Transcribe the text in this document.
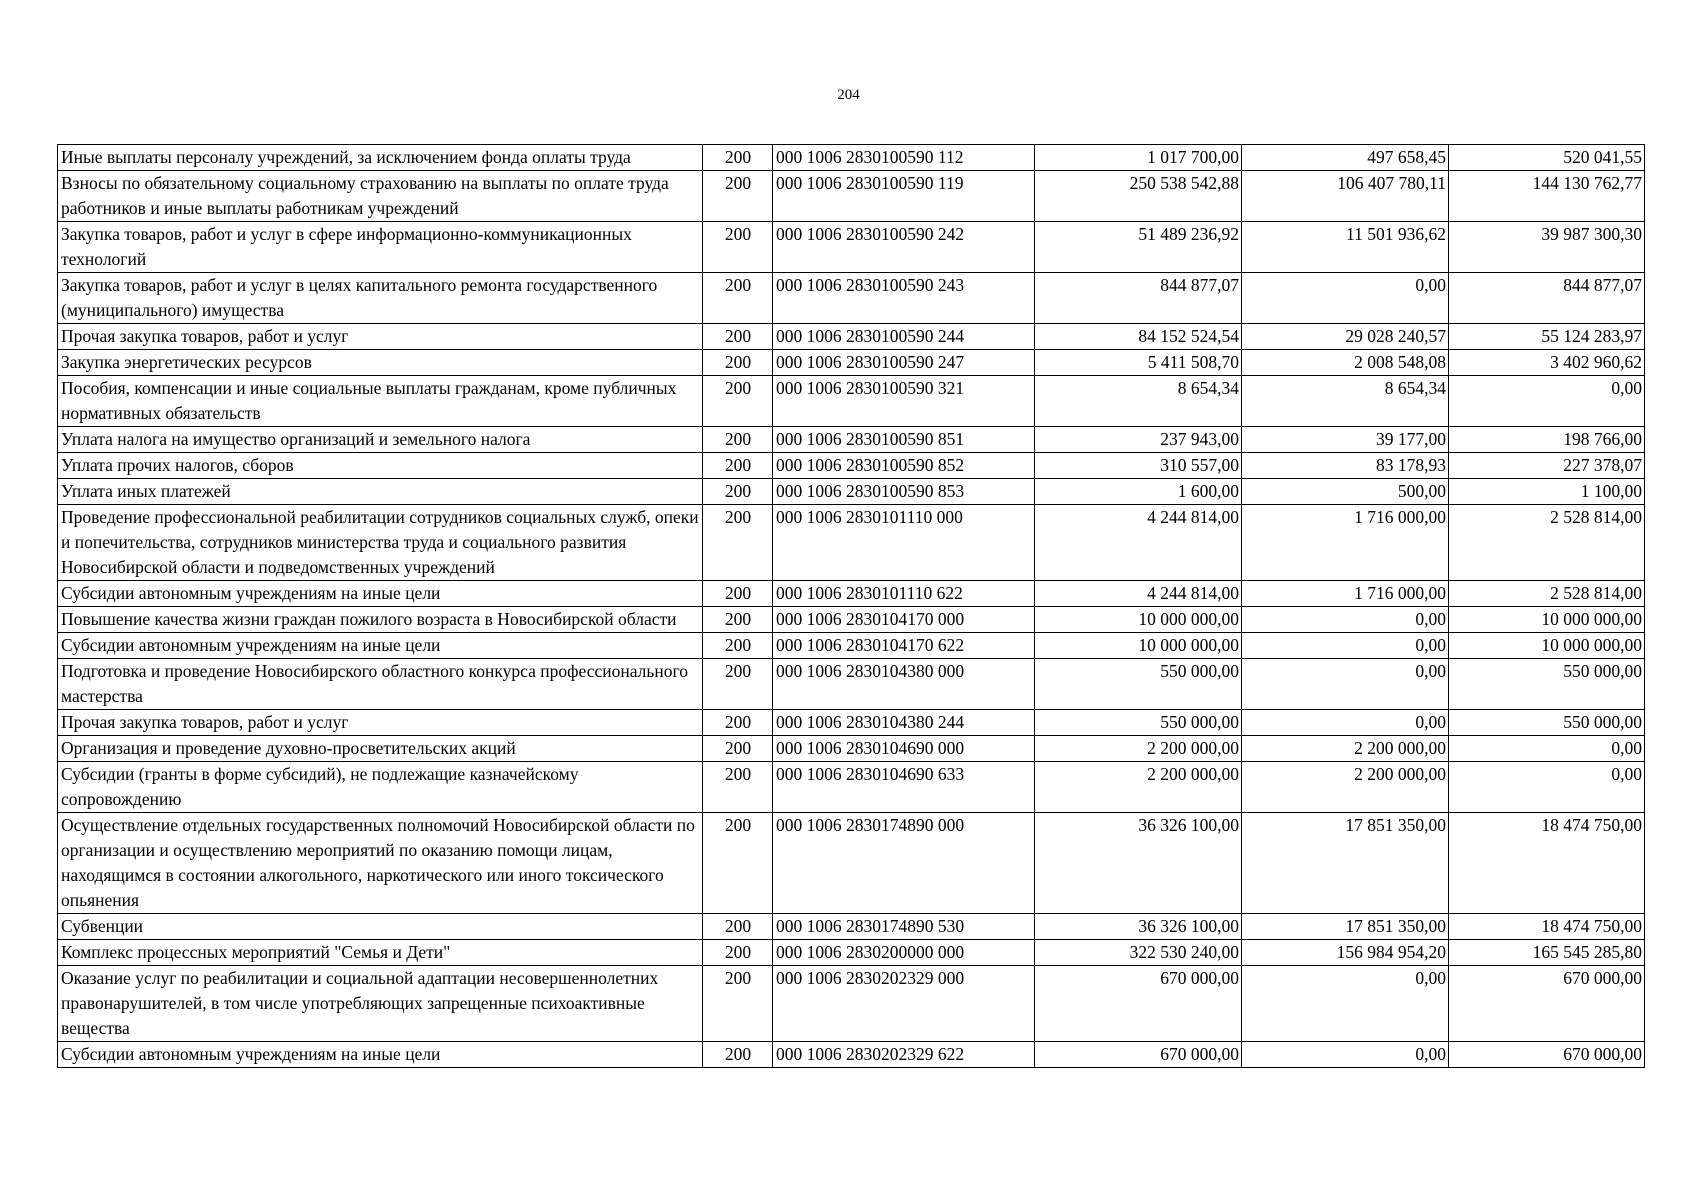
204
Иные выплаты персоналу учреждений, за исключением фонда оплаты труда	200	000 1006 2830100590 112	1 017 700,00	497 658,45	520 041,55
Взносы по обязательному социальному страхованию на выплаты по оплате труда работников и иные выплаты работникам учреждений	200	000 1006 2830100590 119	250 538 542,88	106 407 780,11	144 130 762,77
Закупка товаров, работ и услуг в сфере информационно-коммуникационных технологий	200	000 1006 2830100590 242	51 489 236,92	11 501 936,62	39 987 300,30
Закупка товаров, работ и услуг в целях капитального ремонта государственного (муниципального) имущества	200	000 1006 2830100590 243	844 877,07	0,00	844 877,07
Прочая закупка товаров, работ и услуг	200	000 1006 2830100590 244	84 152 524,54	29 028 240,57	55 124 283,97
Закупка энергетических ресурсов	200	000 1006 2830100590 247	5 411 508,70	2 008 548,08	3 402 960,62
Пособия, компенсации и иные социальные выплаты гражданам, кроме публичных нормативных обязательств	200	000 1006 2830100590 321	8 654,34	8 654,34	0,00
Уплата налога на имущество организаций и земельного налога	200	000 1006 2830100590 851	237 943,00	39 177,00	198 766,00
Уплата прочих налогов, сборов	200	000 1006 2830100590 852	310 557,00	83 178,93	227 378,07
Уплата иных платежей	200	000 1006 2830100590 853	1 600,00	500,00	1 100,00
Проведение профессиональной реабилитации сотрудников социальных служб, опеки и попечительства, сотрудников министерства труда и социального развития Новосибирской области и подведомственных учреждений	200	000 1006 2830101110 000	4 244 814,00	1 716 000,00	2 528 814,00
Субсидии автономным учреждениям на иные цели	200	000 1006 2830101110 622	4 244 814,00	1 716 000,00	2 528 814,00
Повышение качества жизни граждан пожилого возраста в Новосибирской области	200	000 1006 2830104170 000	10 000 000,00	0,00	10 000 000,00
Субсидии автономным учреждениям на иные цели	200	000 1006 2830104170 622	10 000 000,00	0,00	10 000 000,00
Подготовка и проведение Новосибирского областного конкурса профессионального мастерства	200	000 1006 2830104380 000	550 000,00	0,00	550 000,00
Прочая закупка товаров, работ и услуг	200	000 1006 2830104380 244	550 000,00	0,00	550 000,00
Организация и проведение духовно-просветительских акций	200	000 1006 2830104690 000	2 200 000,00	2 200 000,00	0,00
Субсидии (гранты в форме субсидий), не подлежащие казначейскому сопровождению	200	000 1006 2830104690 633	2 200 000,00	2 200 000,00	0,00
Осуществление отдельных государственных полномочий Новосибирской области по организации и осуществлению мероприятий по оказанию помощи лицам, находящимся в состоянии алкогольного, наркотического или иного токсического опьянения	200	000 1006 2830174890 000	36 326 100,00	17 851 350,00	18 474 750,00
Субвенции	200	000 1006 2830174890 530	36 326 100,00	17 851 350,00	18 474 750,00
Комплекс процессных мероприятий "Семья и Дети"	200	000 1006 2830200000 000	322 530 240,00	156 984 954,20	165 545 285,80
Оказание услуг по реабилитации и социальной адаптации несовершеннолетних правонарушителей, в том числе употребляющих запрещенные психоактивные вещества	200	000 1006 2830202329 000	670 000,00	0,00	670 000,00
Субсидии автономным учреждениям на иные цели	200	000 1006 2830202329 622	670 000,00	0,00	670 000,00
